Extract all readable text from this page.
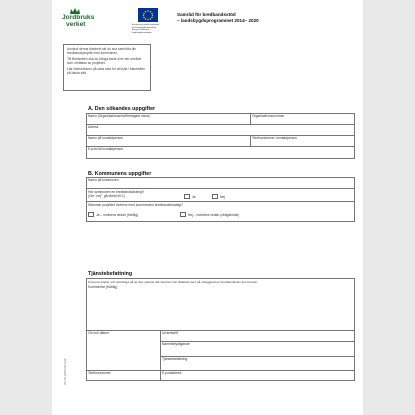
Jordbruks
verket	Europeiska jordbruksfonden
för landsbygdsutveckling:
Europa investerar i
landsbygdsområden
Samråd för bredbandsstöd
– landsbygdsprogrammet 2014– 2020

Använd denna blankett när du ska samråda din bredbandsprojekt med kommunen.

Till Blanketten ska du bifoga karta över det område som omfattas av projektet.

Läs instruktionen på sista sida för att fylla i blanketten på bästa sätt.

A. Den sökandes uppgifter
Namn (Organisationsens/företagets namn)	Organisationsnummer
Adress
Namn på kontaktperson	Telefonnummer, kontaktperson
E-post till kontaktperson
B. Kommunens uppgifter
Namn på kommunen
Har kommunen en bredbandsstrategi?
(Om "nej", gå direkt till C)	Ja	Nej
Stämmer projektet överens med kommunens bredbandsstrategi?
Ja – motivera nedan (frivillig)	Nej – motivera nedan (obligatorisk)
Tjänstebefattning
Kommen kopia: och att bifoga på av den ytterste där hamnen har tilldelats över på utbyggnad av bredbandsnät i kommunen.
Kommentar (frivillig)
Ort och datum	Underskrift
Namnförtydligande
Tjänstebefattning
Telefonnummer	E-postadress
JO7:01 (2015-02) tryck
